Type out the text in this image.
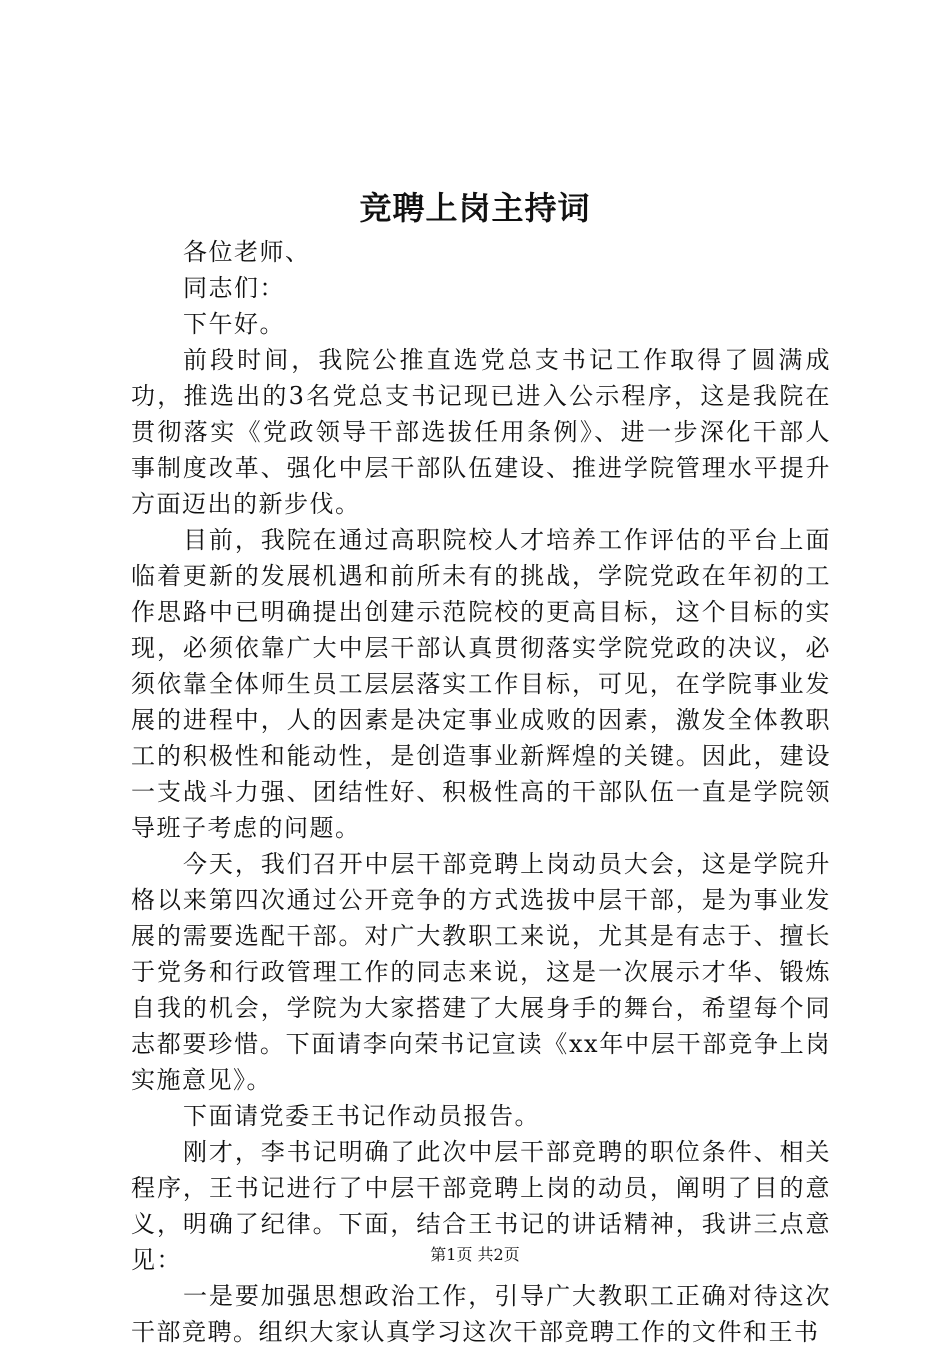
竞聘上岗主持词

各位老师、

同志们：

下午好。

前段时间，我院公推直选党总支书记工作取得了圆满成功，推选出的3名党总支书记现已进入公示程序，这是我院在贯彻落实《党政领导干部选拔任用条例》、进一步深化干部人事制度改革、强化中层干部队伍建设、推进学院管理水平提升方面迈出的新步伐。

目前，我院在通过高职院校人才培养工作评估的平台上面临着更新的发展机遇和前所未有的挑战，学院党政在年初的工作思路中已明确提出创建示范院校的更高目标，这个目标的实现，必须依靠广大中层干部认真贯彻落实学院党政的决议，必须依靠全体师生员工层层落实工作目标，可见，在学院事业发展的进程中，人的因素是决定事业成败的因素，激发全体教职工的积极性和能动性，是创造事业新辉煌的关键。因此，建设一支战斗力强、团结性好、积极性高的干部队伍一直是学院领导班子考虑的问题。

今天，我们召开中层干部竞聘上岗动员大会，这是学院升格以来第四次通过公开竞争的方式选拔中层干部，是为事业发展的需要选配干部。对广大教职工来说，尤其是有志于、擅长于党务和行政管理工作的同志来说，这是一次展示才华、锻炼自我的机会，学院为大家搭建了大展身手的舞台，希望每个同志都要珍惜。下面请李向荣书记宣读《xx年中层干部竞争上岗实施意见》。

下面请党委王书记作动员报告。

刚才，李书记明确了此次中层干部竞聘的职位条件、相关程序，王书记进行了中层干部竞聘上岗的动员，阐明了目的意义，明确了纪律。下面，结合王书记的讲话精神，我讲三点意见：

一是要加强思想政治工作，引导广大教职工正确对待这次干部竞聘。组织大家认真学习这次干部竞聘工作的文件和王书

第1页 共2页
